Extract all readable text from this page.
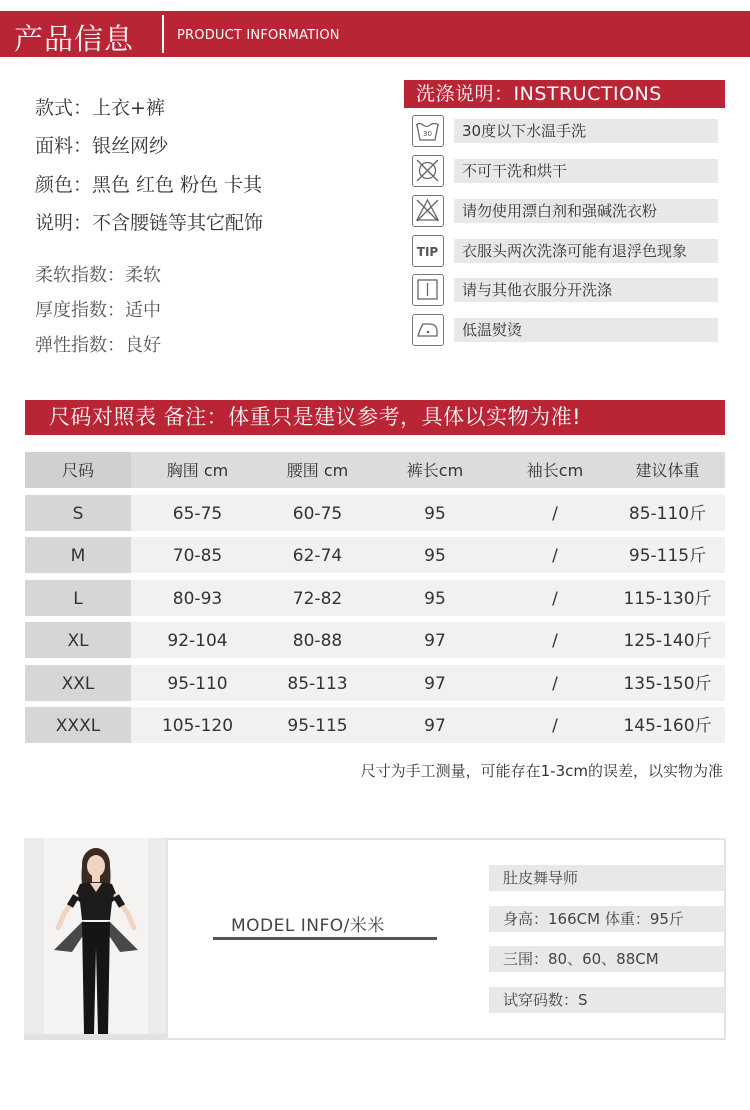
产品信息	PRODUCT INFORMATION
款式：上衣+裤
面料：银丝网纱
颜色：黑色 红色 粉色 卡其
说明：不含腰链等其它配饰
柔软指数：柔软
厚度指数：适中
弹性指数：良好
洗涤说明：INSTRUCTIONS
30	30度以下水温手洗
不可干洗和烘干
请勿使用漂白剂和强碱洗衣粉
TIP	衣服头两次洗涤可能有退浮色现象
请与其他衣服分开洗涤
低温熨烫
尺码对照表 备注：体重只是建议参考，具体以实物为准!
尺码	胸围 cm	腰围 cm	裤长cm	袖长cm	建议体重
S	65-75	60-75	95	/	85-110斤
M	70-85	62-74	95	/	95-115斤
L	80-93	72-82	95	/	115-130斤
XL	92-104	80-88	97	/	125-140斤
XXL	95-110	85-113	97	/	135-150斤
XXXL	105-120	95-115	97	/	145-160斤
尺寸为手工测量，可能存在1-3cm的误差，以实物为准
MODEL INFO/米米
肚皮舞导师
身高：166CM 体重：95斤
三围：80、60、88CM
试穿码数：S
